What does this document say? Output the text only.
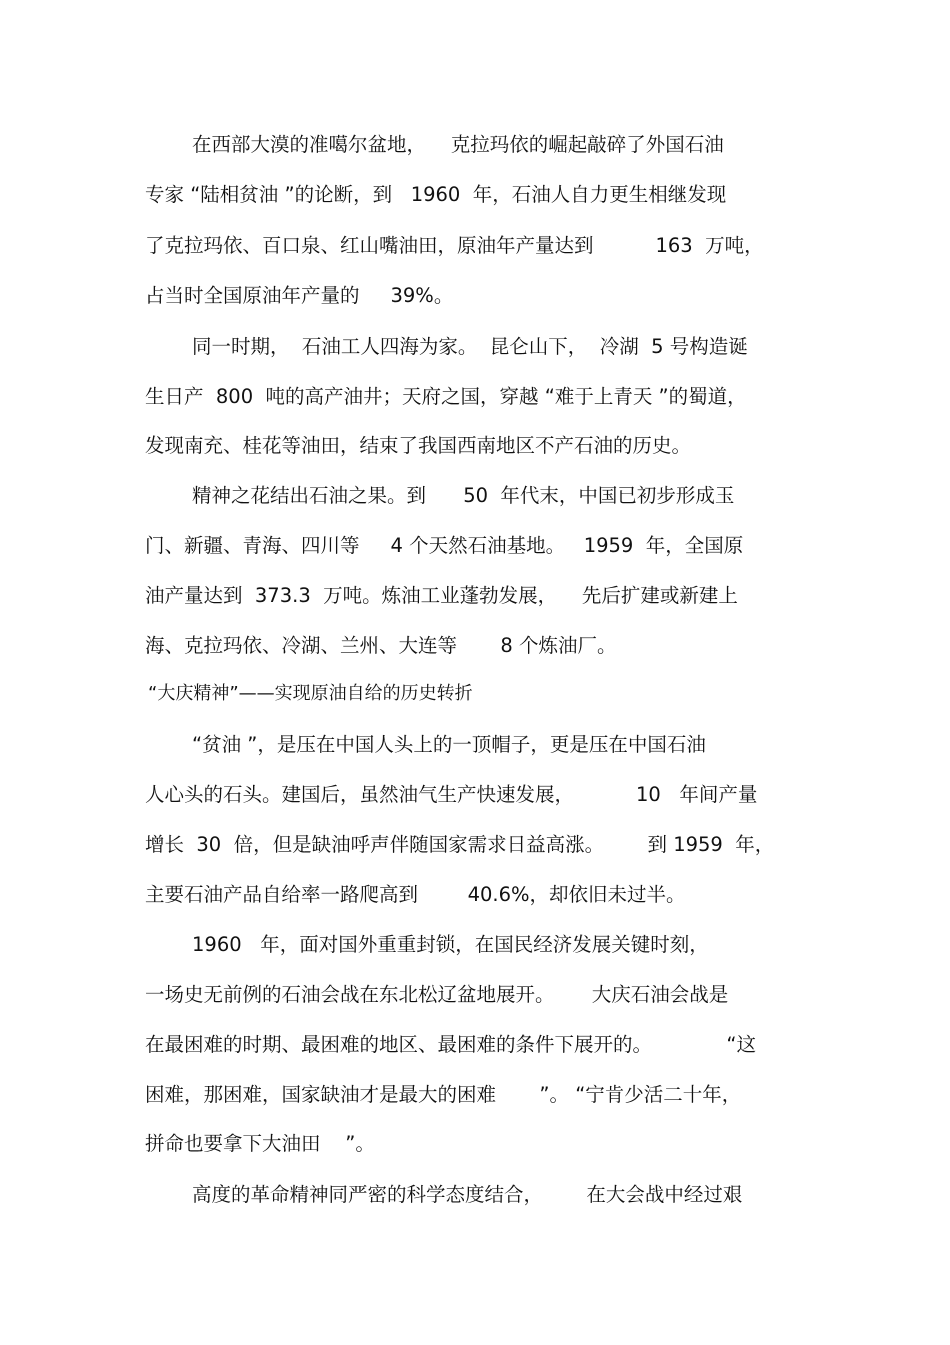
在西部大漠的准噶尔盆地，    克拉玛依的崛起敲碎了外国石油
专家 “陆相贫油 ”的论断，到   1960  年，石油人自力更生相继发现
了克拉玛依、百口泉、红山嘴油田，原油年产量达到          163  万吨，
占当时全国原油年产量的     39%。
同一时期，  石油工人四海为家。  昆仑山下，  冷湖  5 号构造诞
生日产  800  吨的高产油井；天府之国，穿越 “难于上青天 ”的蜀道，
发现南充、桂花等油田，结束了我国西南地区不产石油的历史。
精神之花结出石油之果。到      50  年代末，中国已初步形成玉
门、新疆、青海、四川等     4 个天然石油基地。   1959  年，全国原
油产量达到  373.3  万吨。炼油工业蓬勃发展，    先后扩建或新建上
海、克拉玛依、冷湖、兰州、大连等       8 个炼油厂。
“大庆精神”——实现原油自给的历史转折
“贫油 ”，是压在中国人头上的一顶帽子，更是压在中国石油
人心头的石头。建国后，虽然油气生产快速发展，          10   年间产量
增长  30  倍，但是缺油呼声伴随国家需求日益高涨。       到 1959  年，
主要石油产品自给率一路爬高到        40.6%，却依旧未过半。
1960   年，面对国外重重封锁，在国民经济发展关键时刻，
一场史无前例的石油会战在东北松辽盆地展开。      大庆石油会战是
在最困难的时期、最困难的地区、最困难的条件下展开的。            “这
困难，那困难，国家缺油才是最大的困难       ”。 “宁肯少活二十年，
拼命也要拿下大油田    ”。
高度的革命精神同严密的科学态度结合，       在大会战中经过艰
